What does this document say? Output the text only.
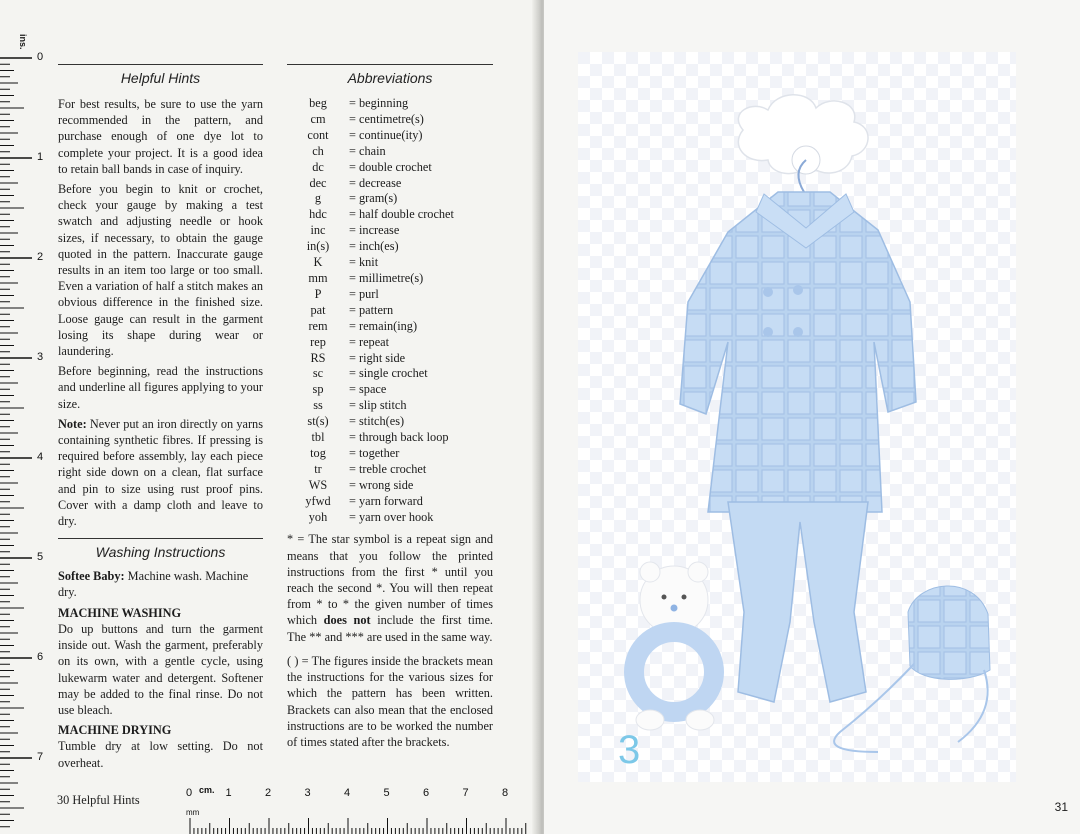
ins.
0
1
2
3
4
5
6
7
Helpful Hints

For best results, be sure to use the yarn recommended in the pattern, and purchase enough of one dye lot to complete your project. It is a good idea to retain ball bands in case of inquiry.

Before you begin to knit or crochet, check your gauge by making a test swatch and adjusting needle or hook sizes, if necessary, to obtain the gauge quoted in the pattern. Inaccurate gauge results in an item too large or too small. Even a variation of half a stitch makes an obvious difference in the finished size. Loose gauge can result in the garment losing its shape during wear or laundering.

Before beginning, read the instructions and underline all figures applying to your size.

Note: Never put an iron directly on yarns containing synthetic fibres. If pressing is required before assembly, lay each piece right side down on a clean, flat surface and pin to size using rust proof pins. Cover with a damp cloth and leave to dry.

Washing Instructions

Softee Baby: Machine wash. Machine dry.

MACHINE WASHING

Do up buttons and turn the garment inside out. Wash the garment, preferably on its own, with a gentle cycle, using lukewarm water and detergent. Softener may be added to the final rinse. Do not use bleach.

MACHINE DRYING

Tumble dry at low setting. Do not overheat.

Abbreviations
beg	= beginning
cm	= centimetre(s)
cont	= continue(ity)
ch	= chain
dc	= double crochet
dec	= decrease
g	= gram(s)
hdc	= half double crochet
inc	= increase
in(s)	= inch(es)
K	= knit
mm	= millimetre(s)
P	= purl
pat	= pattern
rem	= remain(ing)
rep	= repeat
RS	= right side
sc	= single crochet
sp	= space
ss	= slip stitch
st(s)	= stitch(es)
tbl	= through back loop
tog	= together
tr	= treble crochet
WS	= wrong side
yfwd	= yarn forward
yoh	= yarn over hook

* = The star symbol is a repeat sign and means that you follow the printed instructions from the first * until you reach the second *. You will then repeat from * to * the given number of times which does not include the first time. The ** and *** are used in the same way.

( ) = The figures inside the brackets mean the instructions for the various sizes for which the pattern has been written. Brackets can also mean that the enclosed instructions are to be worked the number of times stated after the brackets.

30 Helpful Hints	0	1	2	3	4	5	6	7	8
cm.
mm
3
31
